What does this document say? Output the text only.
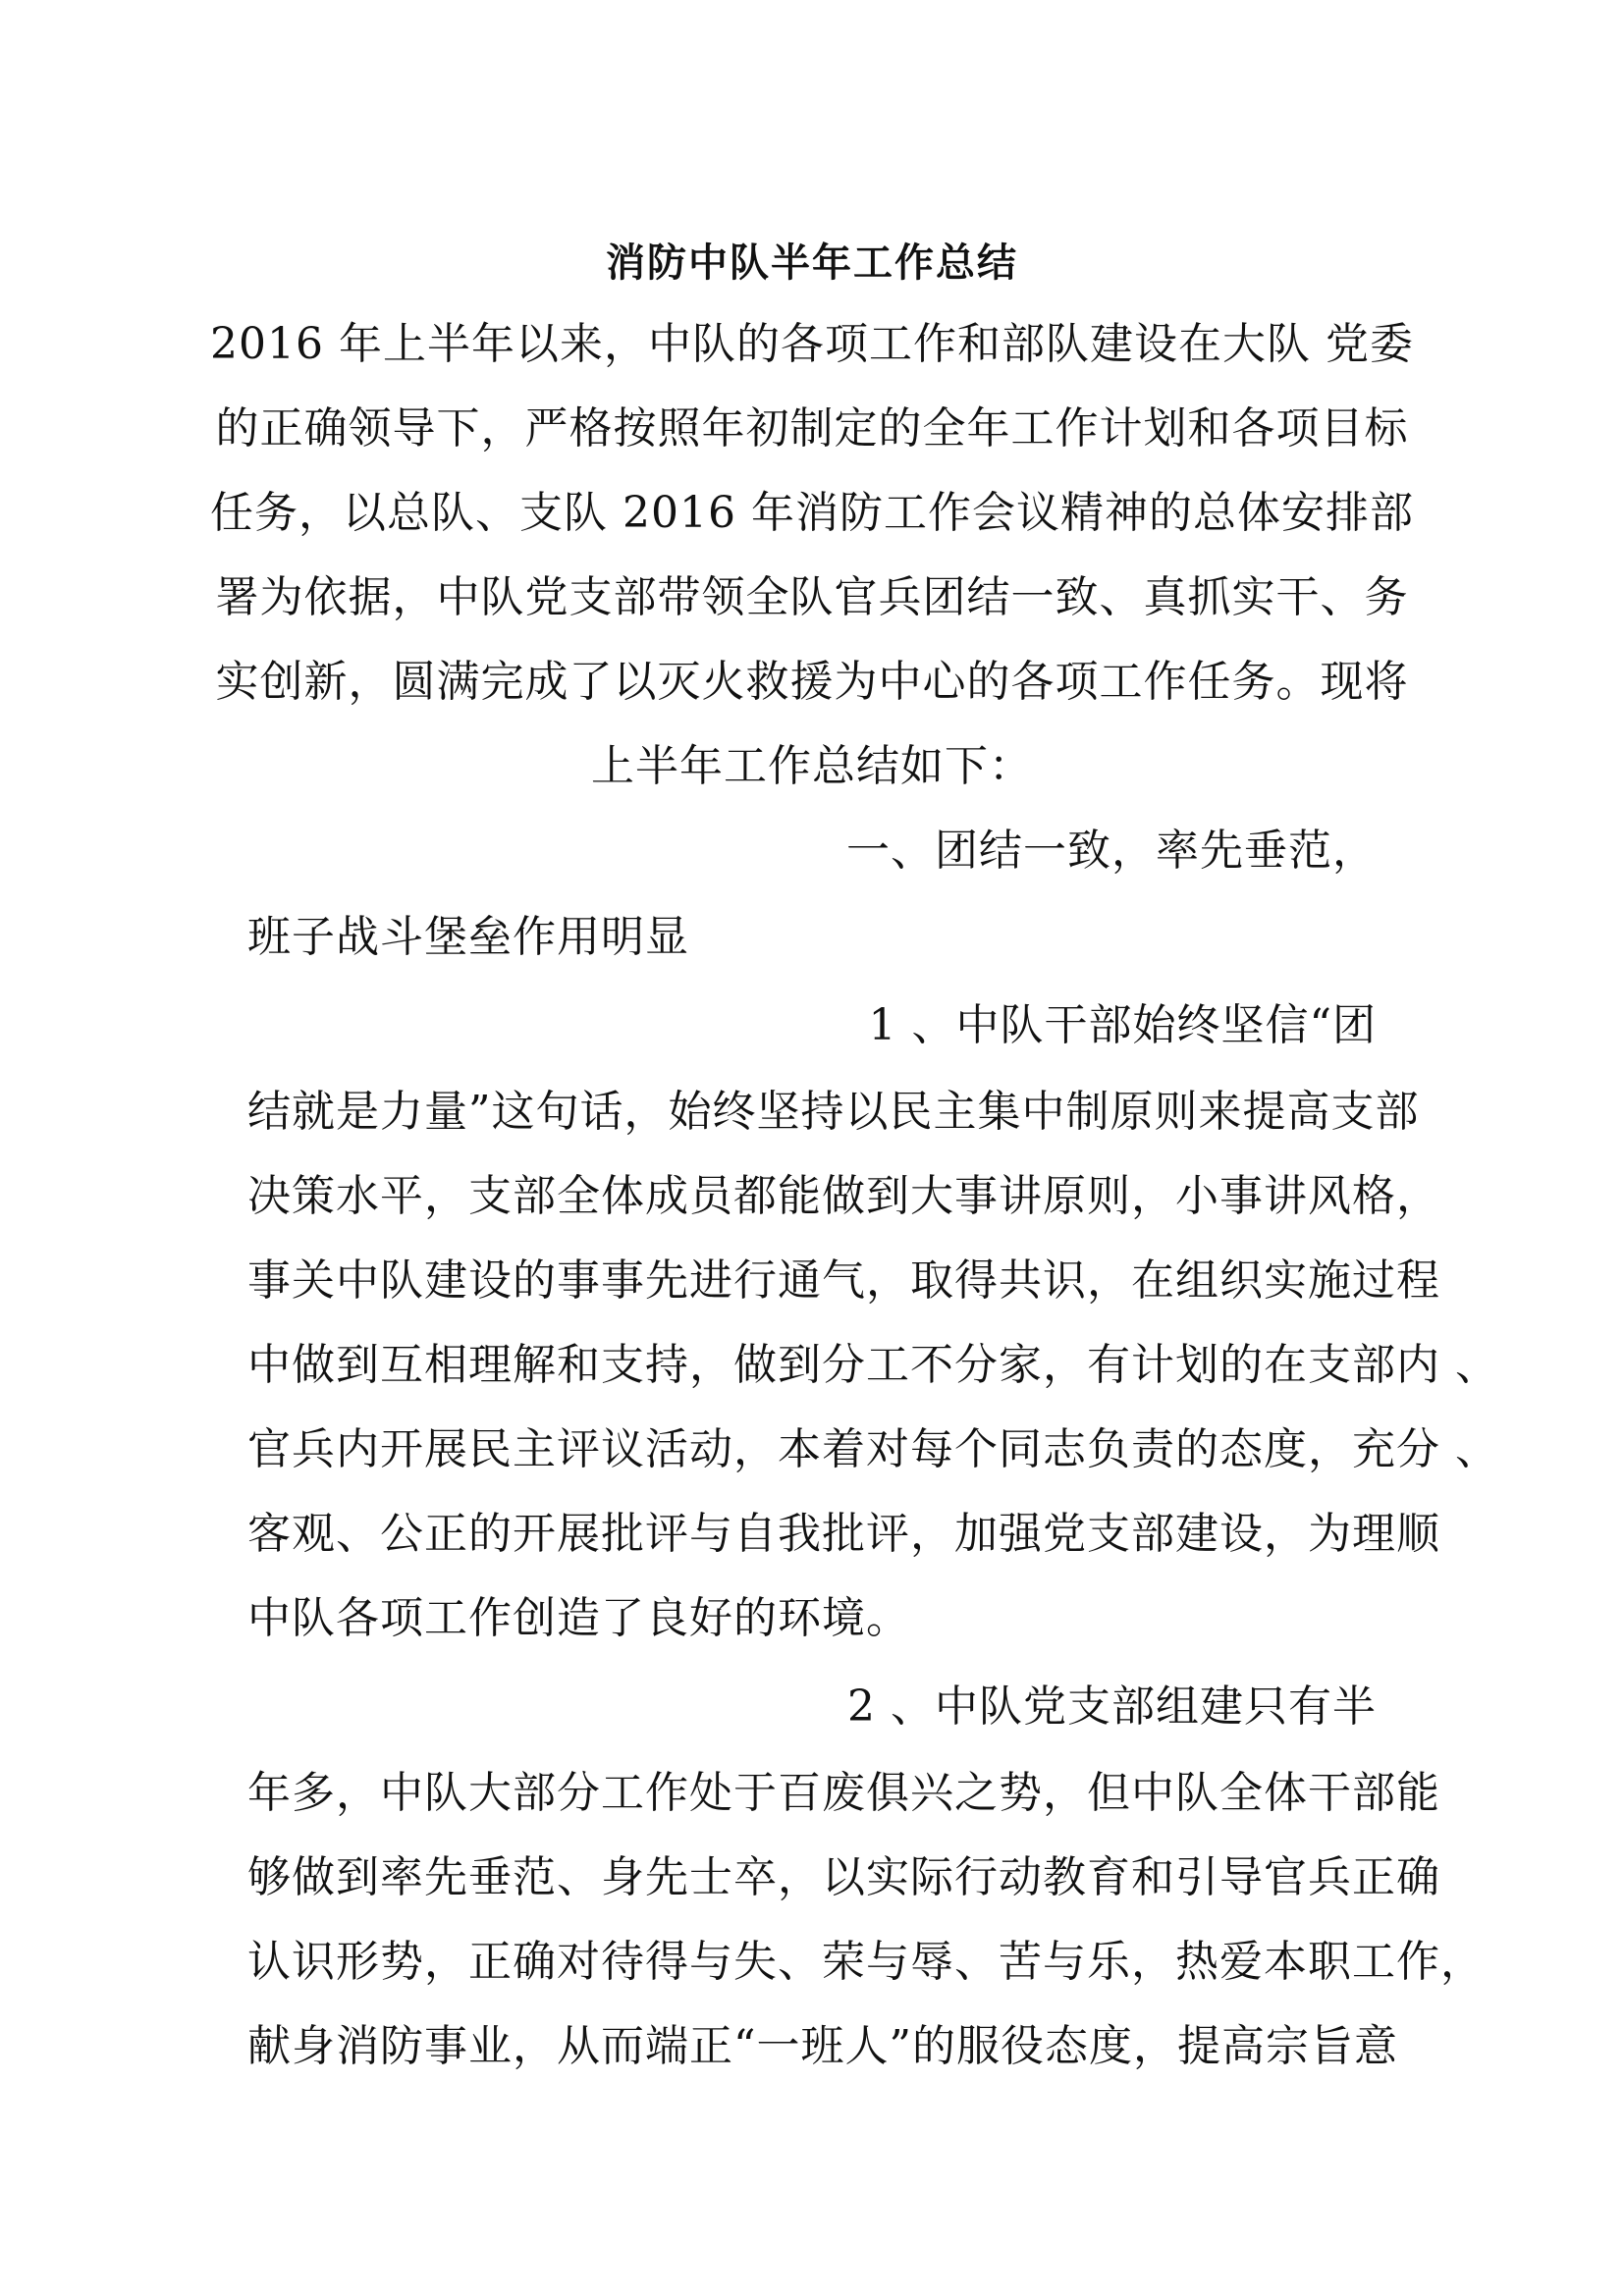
消防中队半年工作总结
2016 年上半年以来，中队的各项工作和部队建设在大队 党委
的正确领导下，严格按照年初制定的全年工作计划和各项目标
任务，以总队、支队 2016 年消防工作会议精神的总体安排部
署为依据，中队党支部带领全队官兵团结一致、真抓实干、务
实创新，圆满完成了以灭火救援为中心的各项工作任务。现将
上半年工作总结如下：
一、团结一致，率先垂范，
班子战斗堡垒作用明显
1 、中队干部始终坚信“团
结就是力量”这句话，始终坚持以民主集中制原则来提高支部
决策水平，支部全体成员都能做到大事讲原则，小事讲风格，
事关中队建设的事事先进行通气，取得共识，在组织实施过程
中做到互相理解和支持，做到分工不分家，有计划的在支部内 、
官兵内开展民主评议活动，本着对每个同志负责的态度，充分 、
客观、公正的开展批评与自我批评，加强党支部建设，为理顺
中队各项工作创造了良好的环境。
2 、中队党支部组建只有半
年多，中队大部分工作处于百废俱兴之势，但中队全体干部能
够做到率先垂范、身先士卒，以实际行动教育和引导官兵正确
认识形势，正确对待得与失、荣与辱、苦与乐，热爱本职工作，
献身消防事业，从而端正“一班人”的服役态度，提高宗旨意
